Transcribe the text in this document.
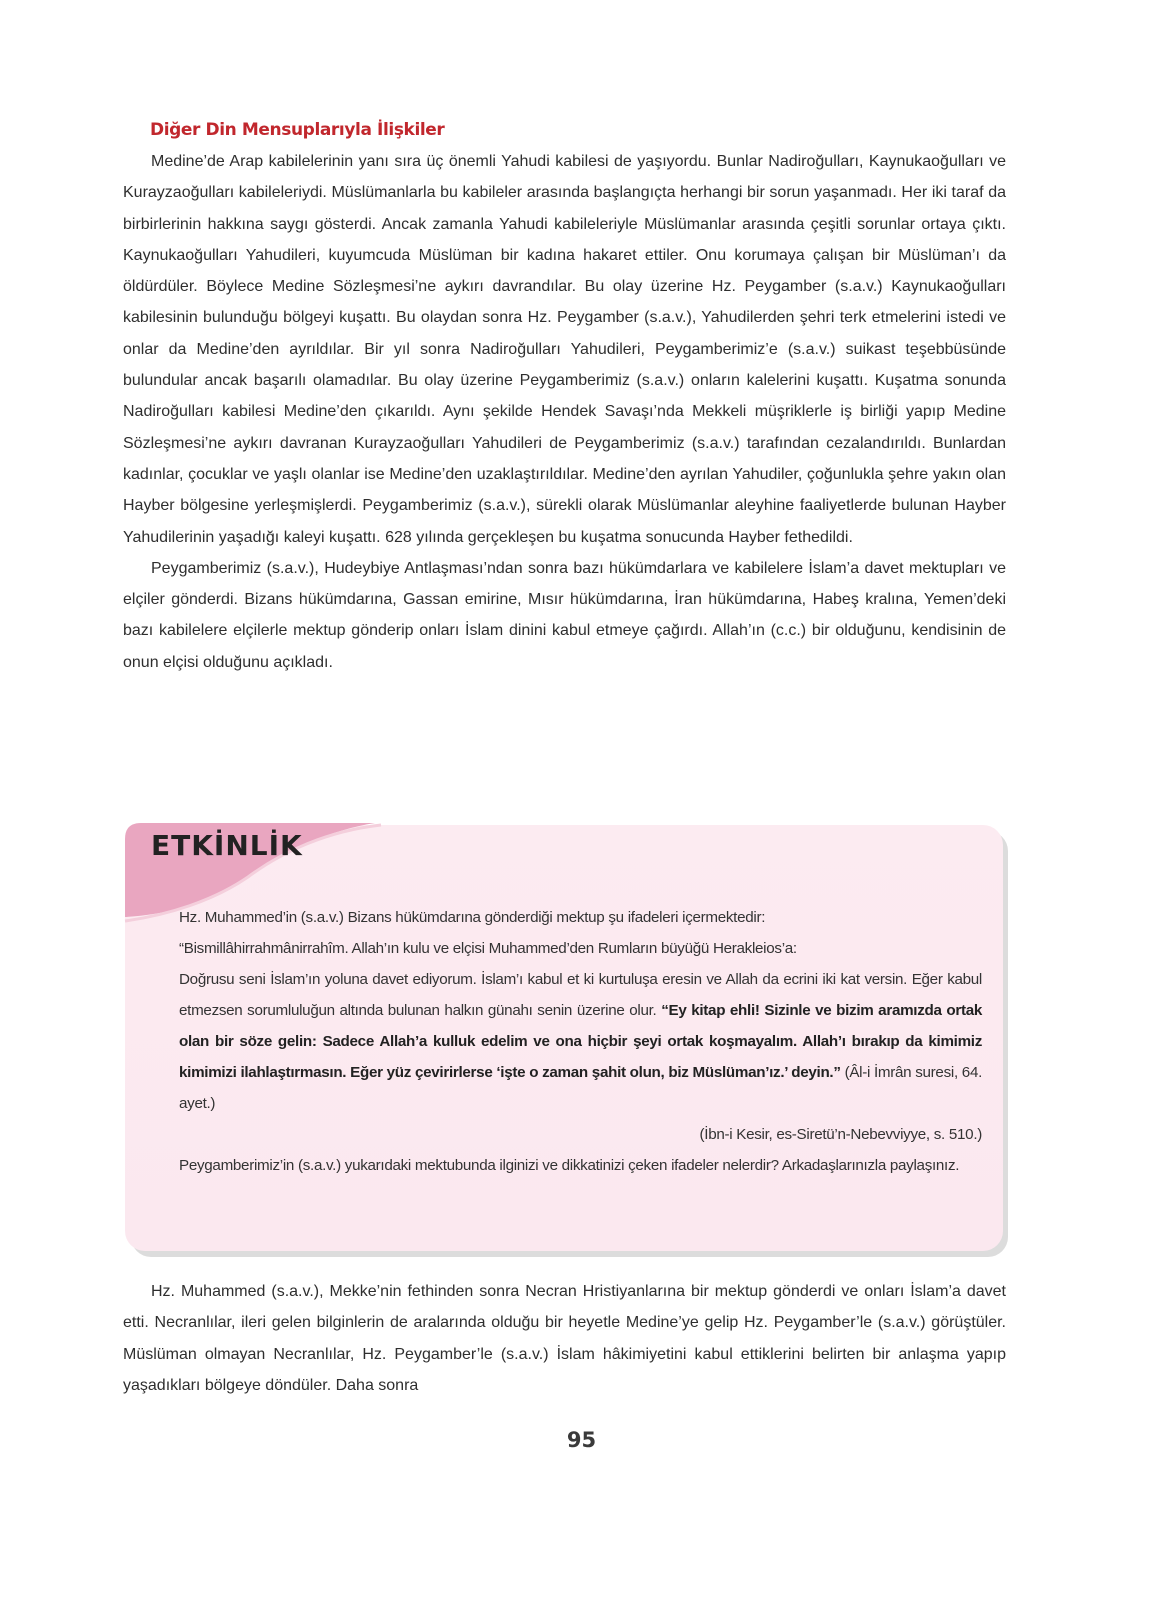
Diğer Din Mensuplarıyla İlişkiler

Medine’de Arap kabilelerinin yanı sıra üç önemli Yahudi kabilesi de yaşıyordu. Bunlar Nadiroğulları, Kaynukaoğulları ve Kurayzaoğulları kabileleriydi. Müslümanlarla bu kabileler arasında başlangıçta herhangi bir sorun yaşanmadı. Her iki taraf da birbirlerinin hakkına saygı gösterdi. Ancak zamanla Yahudi kabileleriyle Müslümanlar arasında çeşitli sorunlar ortaya çıktı. Kaynukaoğulları Yahudileri, kuyumcuda Müslüman bir kadına hakaret ettiler. Onu korumaya çalışan bir Müslüman’ı da öldürdüler. Böylece Medine Sözleşmesi’ne aykırı davrandılar. Bu olay üzerine Hz. Peygamber (s.a.v.) Kaynukaoğulları kabilesinin bulunduğu bölgeyi kuşattı. Bu olaydan sonra Hz. Peygamber (s.a.v.), Yahudilerden şehri terk etmelerini istedi ve onlar da Medine’den ayrıldılar. Bir yıl sonra Nadiroğulları Yahudileri, Peygamberimiz’e (s.a.v.) suikast teşebbüsünde bulundular ancak başarılı olamadılar. Bu olay üzerine Peygamberimiz (s.a.v.) onların kalelerini kuşattı. Kuşatma sonunda Nadiroğulları kabilesi Medine’den çıkarıldı. Aynı şekilde Hendek Savaşı’nda Mekkeli müşriklerle iş birliği yapıp Medine Sözleşmesi’ne aykırı davranan Kurayzaoğulları Yahudileri de Peygamberimiz (s.a.v.) tarafından cezalandırıldı. Bunlardan kadınlar, çocuklar ve yaşlı olanlar ise Medine’den uzaklaştırıldılar. Medine’den ayrılan Yahudiler, çoğunlukla şehre yakın olan Hayber bölgesine yerleşmişlerdi. Peygamberimiz (s.a.v.), sürekli olarak Müslümanlar aleyhine faaliyetlerde bulunan Hayber Yahudilerinin yaşadığı kaleyi kuşattı. 628 yılında gerçekleşen bu kuşatma sonucunda Hayber fethedildi.

Peygamberimiz (s.a.v.), Hudeybiye Antlaşması’ndan sonra bazı hükümdarlara ve kabilelere İslam’a davet mektupları ve elçiler gönderdi. Bizans hükümdarına, Gassan emirine, Mısır hükümdarına, İran hükümdarına, Habeş kralına, Yemen’deki bazı kabilelere elçilerle mektup gönderip onları İslam dinini kabul etmeye çağırdı. Allah’ın (c.c.) bir olduğunu, kendisinin de onun elçisi olduğunu açıkladı.

ETKİNLİK

Hz. Muhammed’in (s.a.v.) Bizans hükümdarına gönderdiği mektup şu ifadeleri içermektedir:

“Bismillâhirrahmânirrahîm. Allah’ın kulu ve elçisi Muhammed’den Rumların büyüğü Herakleios’a:

Doğrusu seni İslam’ın yoluna davet ediyorum. İslam’ı kabul et ki kurtuluşa eresin ve Allah da ecrini iki kat versin. Eğer kabul etmezsen sorumluluğun altında bulunan halkın günahı senin üzerine olur. “Ey kitap ehli! Sizinle ve bizim aramızda ortak olan bir söze gelin: Sadece Allah’a kulluk edelim ve ona hiçbir şeyi ortak koşmayalım. Allah’ı bırakıp da kimimiz kimimizi ilahlaştırmasın. Eğer yüz çevirirlerse ‘işte o zaman şahit olun, biz Müslüman’ız.’ deyin.” (Âl-i İmrân suresi, 64. ayet.)

(İbn-i Kesir, es-Siretü’n-Nebevviyye, s. 510.)

Peygamberimiz’in (s.a.v.) yukarıdaki mektubunda ilginizi ve dikkatinizi çeken ifadeler nelerdir? Arkadaşlarınızla paylaşınız.

Hz. Muhammed (s.a.v.), Mekke’nin fethinden sonra Necran Hristiyanlarına bir mektup gönderdi ve onları İslam’a davet etti. Necranlılar, ileri gelen bilginlerin de aralarında olduğu bir heyetle Medine’ye gelip Hz. Peygamber’le (s.a.v.) görüştüler. Müslüman olmayan Necranlılar, Hz. Peygamber’le (s.a.v.) İslam hâkimiyetini kabul ettiklerini belirten bir anlaşma yapıp yaşadıkları bölgeye döndüler. Daha sonra

95
